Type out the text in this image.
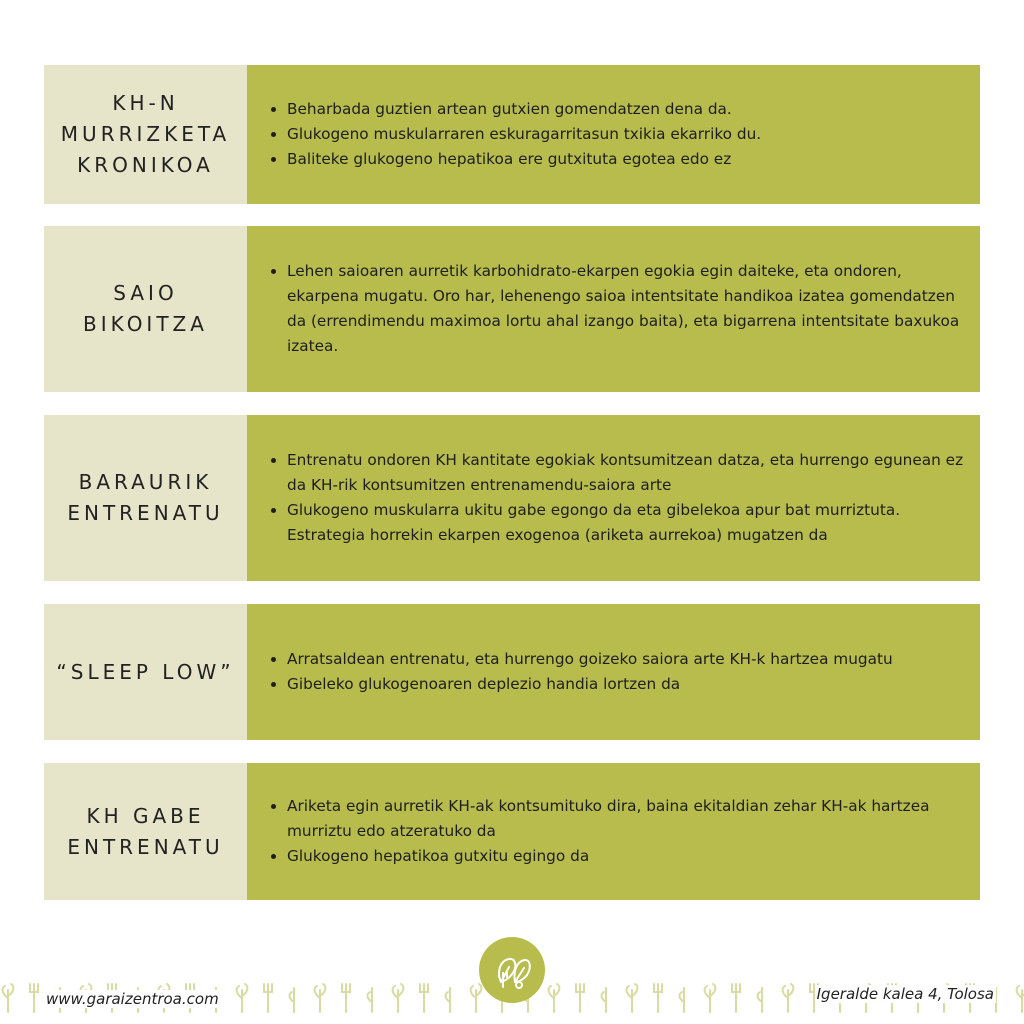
KH-N
MURRIZKETA
KRONIKOA
Beharbada guztien artean gutxien gomendatzen dena da.
Glukogeno muskularraren eskuragarritasun txikia ekarriko du.
Baliteke glukogeno hepatikoa ere gutxituta egotea edo ez
SAIO
BIKOITZA
Lehen saioaren aurretik karbohidrato-ekarpen egokia egin daiteke, eta ondoren, ekarpena mugatu. Oro har, lehenengo saioa intentsitate handikoa izatea gomendatzen da (errendimendu maximoa lortu ahal izango baita), eta bigarrena intentsitate baxukoa izatea.
BARAURIK
ENTRENATU
Entrenatu ondoren KH kantitate egokiak kontsumitzean datza, eta hurrengo egunean ez da KH-rik kontsumitzen entrenamendu-saiora arte
Glukogeno muskularra ukitu gabe egongo da eta gibelekoa apur bat murriztuta. Estrategia horrekin ekarpen exogenoa (ariketa aurrekoa) mugatzen da
“SLEEP LOW”
Arratsaldean entrenatu, eta hurrengo goizeko saiora arte KH-k hartzea mugatu
Gibeleko glukogenoaren deplezio handia lortzen da
KH GABE
ENTRENATU
Ariketa egin aurretik KH-ak kontsumituko dira, baina ekitaldian zehar KH-ak hartzea murriztu edo atzeratuko da
Glukogeno hepatikoa gutxitu egingo da
www.garaizentroa.com	Igeralde kalea 4, Tolosa
